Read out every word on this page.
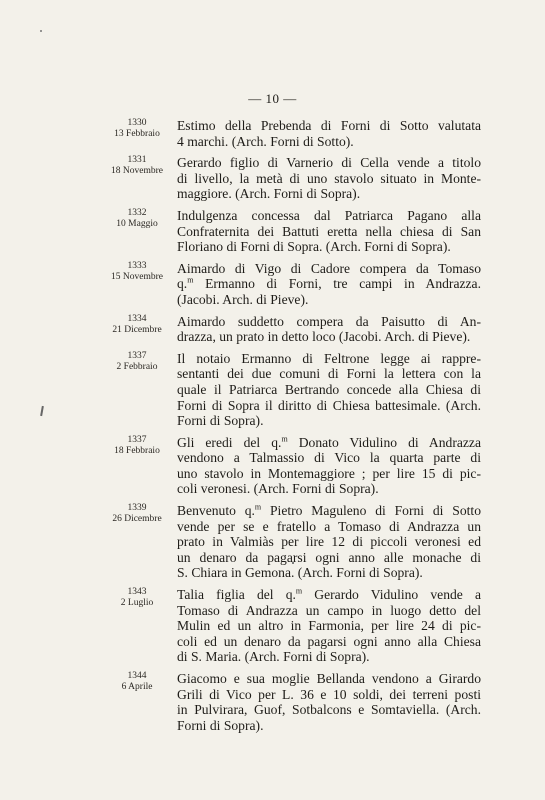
— 10 —
1330
13 Febbraio
Estimo della Prebenda di Forni di Sotto valutata
4 marchi. (Arch. Forni di Sotto).
1331
18 Novembre
Gerardo figlio di Varnerio di Cella vende a titolo
di livello, la metà di uno stavolo situato in Monte-
maggiore. (Arch. Forni di Sopra).
1332
10 Maggio
Indulgenza concessa dal Patriarca Pagano alla
Confraternita dei Battuti eretta nella chiesa di San
Floriano di Forni di Sopra. (Arch. Forni di Sopra).
1333
15 Novembre
Aimardo di Vigo di Cadore compera da Tomaso
q.$^m$ Ermanno di Forni, tre campi in Andrazza.
(Jacobi. Arch. di Pieve).
1334
21 Dicembre
Aimardo suddetto compera da Paisutto di An-
drazza, un prato in detto loco (Jacobi. Arch. di Pieve).
1337
2 Febbraio
Il notaio Ermanno di Feltrone legge ai rappre-
sentanti dei due comuni di Forni la lettera con la
quale il Patriarca Bertrando concede alla Chiesa di
Forni di Sopra il diritto di Chiesa battesimale. (Arch.
Forni di Sopra).
1337
18 Febbraio
Gli eredi del q.$^m$ Donato Vidulino di Andrazza
vendono a Talmassio di Vico la quarta parte di
uno stavolo in Montemaggiore ; per lire 15 di pic-
coli veronesi. (Arch. Forni di Sopra).
1339
26 Dicembre
Benvenuto q.$^m$ Pietro Maguleno di Forni di Sotto
vende per se e fratello a Tomaso di Andrazza un
prato in Valmiàs per lire 12 di piccoli veronesi ed
un denaro da pagarsi ogni anno alle monache di
S. Chiara in Gemona. (Arch. Forni di Sopra).
1343
2 Luglio
Talia figlia del q.$^m$ Gerardo Vidulino vende a
Tomaso di Andrazza un campo in luogo detto del
Mulin ed un altro in Farmonia, per lire 24 di pic-
coli ed un denaro da pagarsi ogni anno alla Chiesa
di S. Maria. (Arch. Forni di Sopra).
1344
6 Aprile
Giacomo e sua moglie Bellanda vendono a Girardo
Grili di Vico per L. 36 e 10 soldi, dei terreni posti
in Pulvirara, Guof, Sotbalcons e Somtaviella. (Arch.
Forni di Sopra).
